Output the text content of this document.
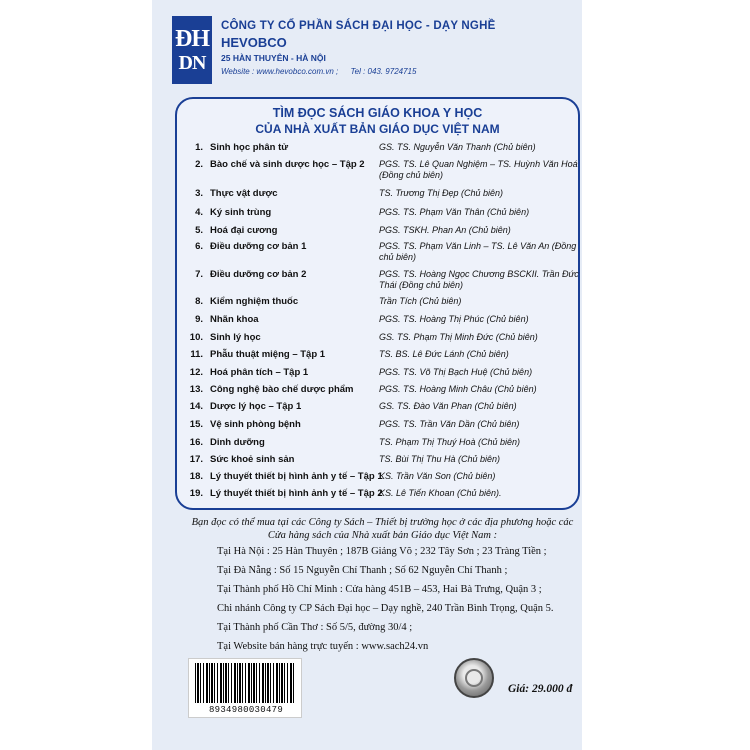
ĐH
DN
CÔNG TY CỔ PHẦN SÁCH ĐẠI HỌC - DẠY NGHỀ
HEVOBCO
25 HÀN THUYÊN - HÀ NỘI
Website : www.hevobco.com.vn ; Tel : 043. 9724715
TÌM ĐỌC SÁCH GIÁO KHOA Y HỌC
CỦA NHÀ XUẤT BẢN GIÁO DỤC VIỆT NAM
1. Sinh học phân tử	GS. TS. Nguyễn Văn Thanh (Chủ biên)
2. Bào chế và sinh dược học – Tập 2	PGS. TS. Lê Quan Nghiệm – TS. Huỳnh Văn Hoá (Đồng chủ biên)
3. Thực vật dược	TS. Trương Thị Đẹp (Chủ biên)
4. Ký sinh trùng	PGS. TS. Phạm Văn Thân (Chủ biên)
5. Hoá đại cương	PGS. TSKH. Phan An (Chủ biên)
6. Điều dưỡng cơ bản 1	PGS. TS. Phạm Văn Linh – TS. Lê Văn An (Đồng chủ biên)
7. Điều dưỡng cơ bản 2	PGS. TS. Hoàng Ngọc Chương BSCKII. Trần Đức Thái (Đồng chủ biên)
8. Kiểm nghiệm thuốc	Trần Tích (Chủ biên)
9. Nhãn khoa	PGS. TS. Hoàng Thị Phúc (Chủ biên)
10. Sinh lý học	GS. TS. Phạm Thị Minh Đức (Chủ biên)
11. Phẫu thuật miệng – Tập 1	TS. BS. Lê Đức Lánh (Chủ biên)
12. Hoá phân tích – Tập 1	PGS. TS. Võ Thị Bạch Huệ (Chủ biên)
13. Công nghệ bào chế dược phẩm	PGS. TS. Hoàng Minh Châu (Chủ biên)
14. Dược lý học – Tập 1	GS. TS. Đào Văn Phan (Chủ biên)
15. Vệ sinh phòng bệnh	PGS. TS. Trần Văn Dần (Chủ biên)
16. Dinh dưỡng	TS. Phạm Thị Thuý Hoà (Chủ biên)
17. Sức khoẻ sinh sản	TS. Bùi Thị Thu Hà (Chủ biên)
18. Lý thuyết thiết bị hình ảnh y tế – Tập 1
KS. Trần Văn Son (Chủ biên)
19. Lý thuyết thiết bị hình ảnh y tế – Tập 2
KS. Lê Tiến Khoan (Chủ biên).
Bạn đọc có thể mua tại các Công ty Sách – Thiết bị trường học ở các địa phương hoặc các Cửa hàng sách của Nhà xuất bản Giáo dục Việt Nam :
Tại Hà Nội : 25 Hàn Thuyên ; 187B Giảng Võ ; 232 Tây Sơn ; 23 Tràng Tiền ;
Tại Đà Nẵng : Số 15 Nguyễn Chí Thanh ; Số 62 Nguyễn Chí Thanh ;
Tại Thành phố Hồ Chí Minh : Cửa hàng 451B – 453, Hai Bà Trưng, Quận 3 ;
Chi nhánh Công ty CP Sách Đại học – Dạy nghề, 240 Trần Bình Trọng, Quận 5.
Tại Thành phố Cần Thơ : Số 5/5, đường 30/4 ;
Tại Website bán hàng trực tuyến : www.sach24.vn
8934980030479
Giá: 29.000 đ
